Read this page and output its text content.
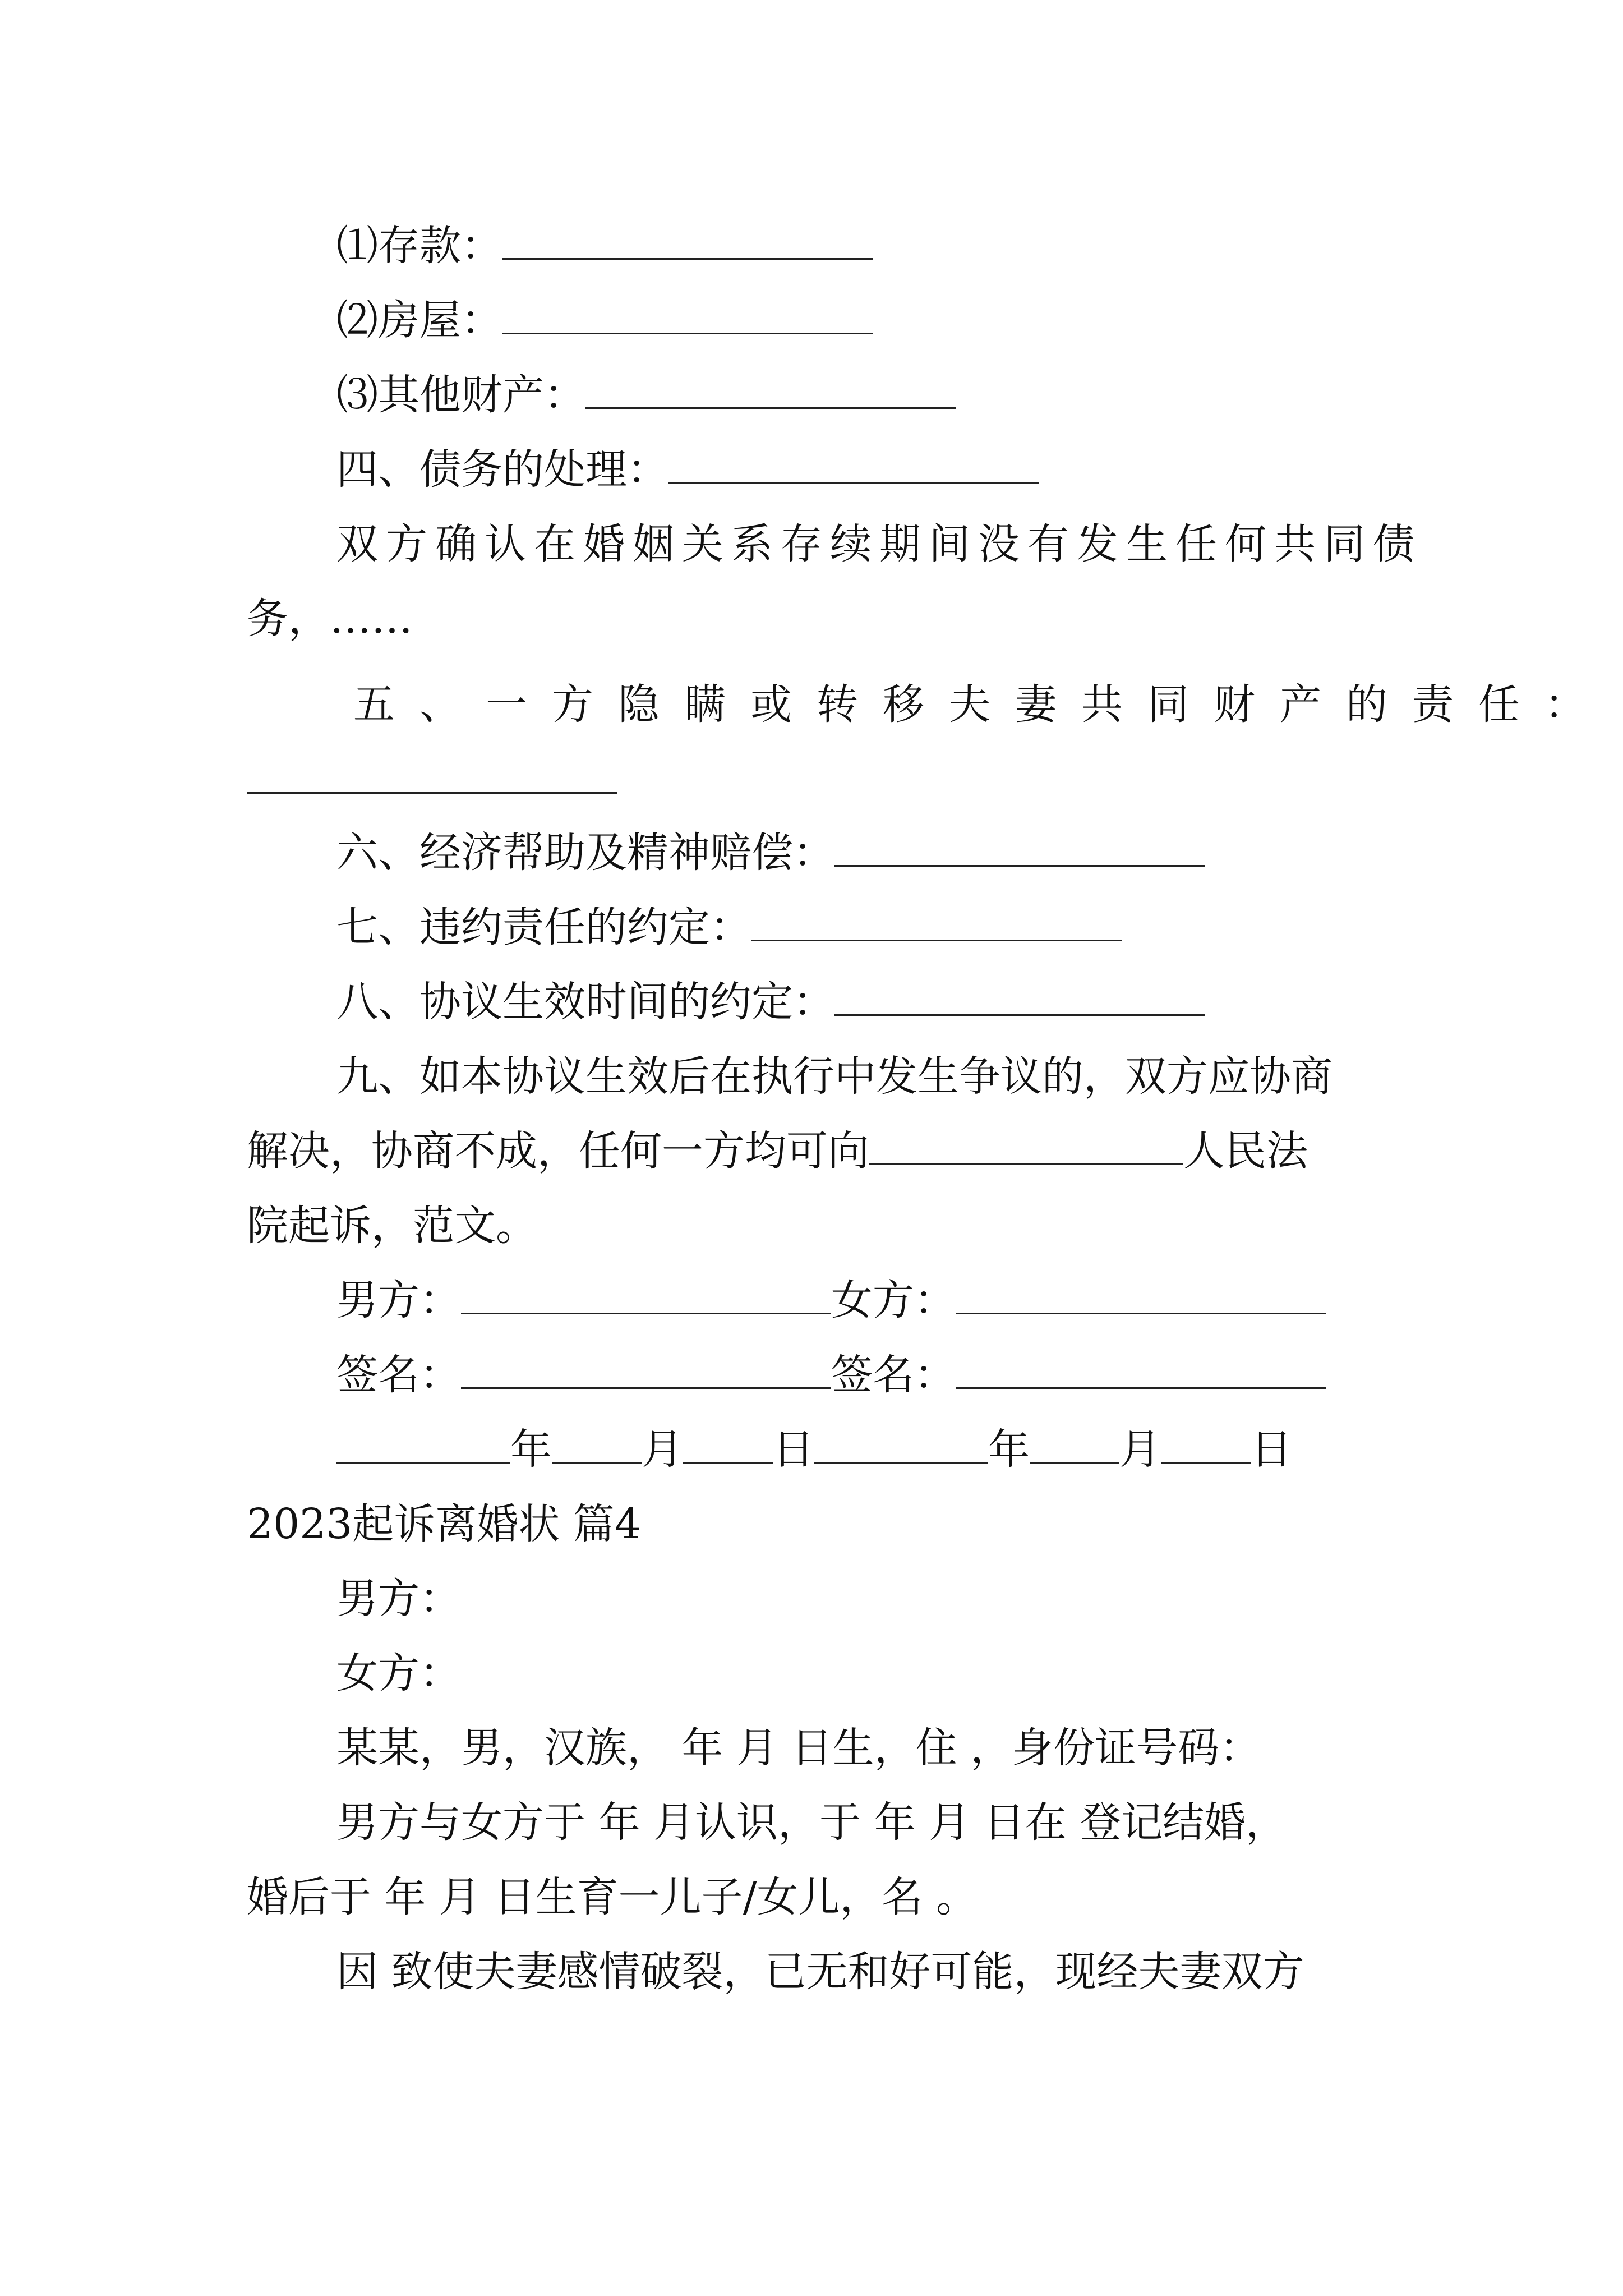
⑴存款：
⑵房屋：
⑶其他财产：
四、债务的处理：
双方确认在婚姻关系存续期间没有发生任何共同债
务，……
五、一方隐瞒或转移夫妻共同财产的责任：
六、经济帮助及精神赔偿：
七、违约责任的约定：
八、协议生效时间的约定：
九、如本协议生效后在执行中发生争议的，双方应协商
解决，协商不成，任何一方均可向	人民法
院起诉，范文。
男方：	女方：
签名：	签名：
年 月 日	年 月 日
2023起诉离婚状 篇4
男方：
女方：
某某，男，汉族， 年 月 日生，住 ，身份证号码：
男方与女方于 年 月认识，于 年 月 日在 登记结婚，
婚后于 年 月 日生育一儿子/女儿，名 。
因 致使夫妻感情破裂，已无和好可能，现经夫妻双方
